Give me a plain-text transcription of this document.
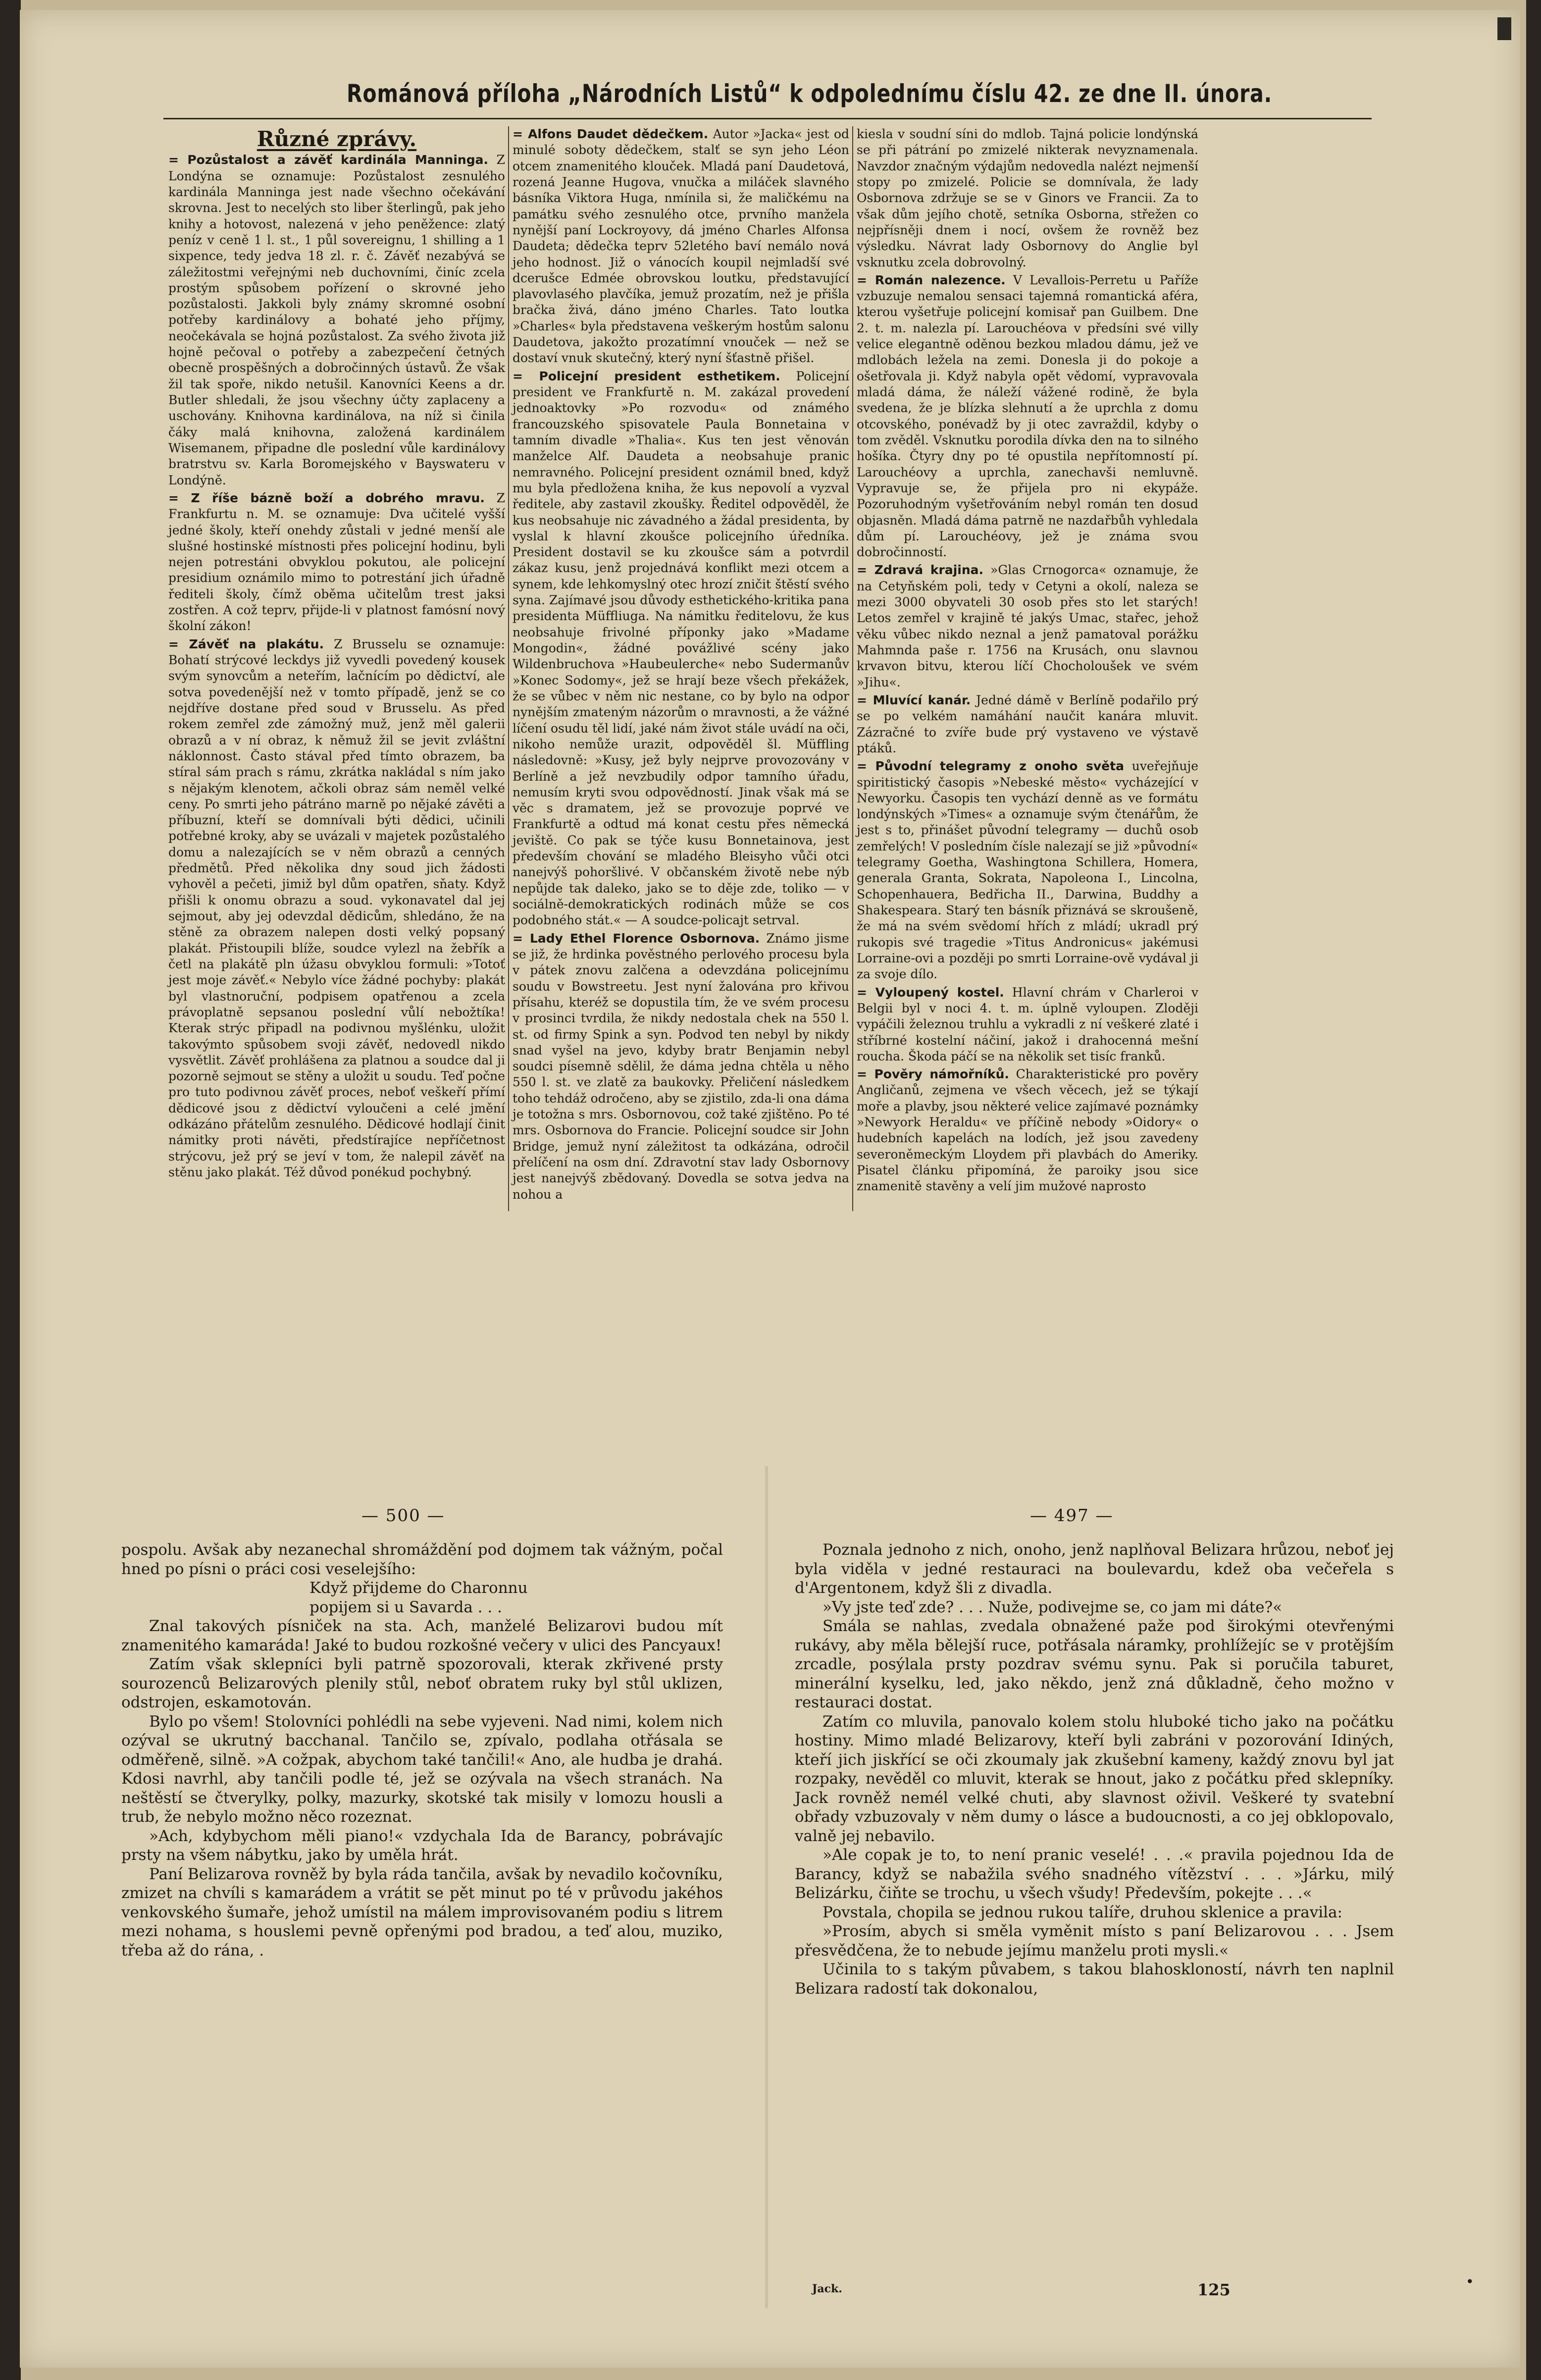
Románová příloha „Národních Listů“ k odpolednímu číslu 42. ze dne II. února.
Různé zprávy.

= Pozůstalost a závěť kardinála Manninga. Z Londýna se oznamuje: Pozůstalost zesnulého kardinála Manninga jest nade všechno očekávání skrovna. Jest to necelých sto liber šterlingů, pak jeho knihy a hotovost, nalezená v jeho peněžence: zlatý peníz v ceně 1 l. st., 1 půl sovereignu, 1 shilling a 1 sixpence, tedy jedva 18 zl. r. č. Závěť nezabývá se záležitostmi veřejnými neb duchovními, činíc zcela prostým spůsobem pořízení o skrovné jeho pozůstalosti. Jakkoli byly známy skromné osobní potřeby kardinálovy a bohaté jeho příjmy, neočekávala se hojná pozůstalost. Za svého života již hojně pečoval o potřeby a zabezpečení četných obecně prospěšných a dobročinných ústavů. Že však žil tak spoře, nikdo netušil. Kanovníci Keens a dr. Butler shledali, že jsou všechny účty zaplaceny a uschovány. Knihovna kardinálova, na níž si činila čáky malá knihovna, založená kardinálem Wisemanem, připadne dle poslední vůle kardinálovy bratrstvu sv. Karla Boromejského v Bayswateru v Londýně.

= Z říše bázně boží a dobrého mravu. Z Frankfurtu n. M. se oznamuje: Dva učitelé vyšší jedné školy, kteří onehdy zůstali v jedné menší ale slušné hostinské místnosti přes policejní hodinu, byli nejen potrestáni obvyklou pokutou, ale policejní presidium oznámilo mimo to potrestání jich úřadně řediteli školy, čímž oběma učitelům trest jaksi zostřen. A což teprv, přijde-li v platnost famósní nový školní zákon!

= Závěť na plakátu. Z Brusselu se oznamuje: Bohatí strýcové leckdys již vyvedli povedený kousek svým synovcům a neteřím, lačnícím po dědictví, ale sotva povedenější než v tomto případě, jenž se co nejdříve dostane před soud v Brusselu. As před rokem zemřel zde zámožný muž, jenž měl galerii obrazů a v ní obraz, k němuž žil se jevit zvláštní náklonnost. Často stával před tímto obrazem, ba stíral sám prach s rámu, zkrátka nakládal s ním jako s nějakým klenotem, ačkoli obraz sám neměl velké ceny. Po smrti jeho pátráno marně po nějaké závěti a příbuzní, kteří se domnívali býti dědici, učinili potřebné kroky, aby se uvázali v majetek pozůstalého domu a nalezajících se v něm obrazů a cenných předmětů. Před několika dny soud jich žádosti vyhověl a pečeti, jimiž byl dům opatřen, sňaty. Když přišli k onomu obrazu a soud. vykonavatel dal jej sejmout, aby jej odevzdal dědicům, shledáno, že na stěně za obrazem nalepen dosti velký popsaný plakát. Přistoupili blíže, soudce vylezl na žebřík a četl na plakátě pln úžasu obvyklou formuli: »Totoť jest moje závěť.« Nebylo více žádné pochyby: plakát byl vlastnoruční, podpisem opatřenou a zcela právoplatně sepsanou poslední vůlí nebožtíka! Kterak strýc připadl na podivnou myšlénku, uložit takovýmto spůsobem svoji závěť, nedovedl nikdo vysvětlit. Závěť prohlášena za platnou a soudce dal ji pozorně sejmout se stěny a uložit u soudu. Teď počne pro tuto podivnou závěť proces, neboť veškeří přímí dědicové jsou z dědictví vyloučeni a celé jmění odkázáno přátelům zesnulého. Dědicové hodlají činit námitky proti návěti, předstírajíce nepříčetnost strýcovu, jež prý se jeví v tom, že nalepil závěť na stěnu jako plakát. Též důvod ponékud pochybný.

= Alfons Daudet dědečkem. Autor »Jacka« jest od minulé soboty dědečkem, stalť se syn jeho Léon otcem znamenitého klouček. Mladá paní Daudetová, rozená Jeanne Hugova, vnučka a miláček slavného básníka Viktora Huga, nmínila si, že maličkému na památku svého zesnulého otce, prvního manžela nynější paní Lockroyovy, dá jméno Charles Alfonsa Daudeta; dědečka teprv 52letého baví nemálo nová jeho hodnost. Již o vánocích koupil nejmladší své dcerušce Edmée obrovskou loutku, představující plavovlasého plavčíka, jemuž prozatím, než je přišla bračka živá, dáno jméno Charles. Tato loutka »Charles« byla představena veškerým hostům salonu Daudetova, jakožto prozatímní vnouček — než se dostaví vnuk skutečný, který nyní šťastně přišel.

= Policejní president esthetikem. Policejní president ve Frankfurtě n. M. zakázal provedení jednoaktovky »Po rozvodu« od známého francouzského spisovatele Paula Bonnetaina v tamním divadle »Thalia«. Kus ten jest věnován manželce Alf. Daudeta a neobsahuje pranic nemravného. Policejní president oznámil bned, když mu byla předložena kniha, že kus nepovolí a vyzval ředitele, aby zastavil zkoušky. Ředitel odpověděl, že kus neobsahuje nic závadného a žádal presidenta, by vyslal k hlavní zkoušce policejního úředníka. President dostavil se ku zkoušce sám a potvrdil zákaz kusu, jenž projednává konflikt mezi otcem a synem, kde lehkomyslný otec hrozí zničit štěstí svého syna. Zajímavé jsou důvody esthetického-kritika pana presidenta Müffliuga. Na námitku ředitelovu, že kus neobsahuje frivolné příponky jako »Madame Mongodin«, žádné povážlivé scény jako Wildenbruchova »Haubeulerche« nebo Sudermanův »Konec Sodomy«, jež se hrají beze všech překážek, že se vůbec v něm nic nestane, co by bylo na odpor nynějším zmateným názorům o mravnosti, a že vážné líčení osudu těl lidí, jaké nám život stále uvádí na oči, nikoho nemůže urazit, odpověděl šl. Müffling následovně: »Kusy, jež byly nejprve provozovány v Berlíně a jež nevzbudily odpor tamního úřadu, nemusím kryti svou odpovědností. Jinak však má se věc s dramatem, jež se provozuje poprvé ve Frankfurtě a odtud má konat cestu přes německá jeviště. Co pak se týče kusu Bonnetainova, jest především chování se mladého Bleisyho vůči otci nanejvýš pohoršlivé. V občanském životě nebe nýb nepůjde tak daleko, jako se to děje zde, toliko — v sociálně-demokratických rodinách může se cos podobného stát.« — A soudce-policajt setrval.

= Lady Ethel Florence Osbornova. Známo jisme se již, že hrdinka pověstného perlového procesu byla v pátek znovu zalčena a odevzdána policejnímu soudu v Bowstreetu. Jest nyní žalována pro křivou přísahu, kteréž se dopustila tím, že ve svém procesu v prosinci tvrdila, že nikdy nedostala chek na 550 l. st. od firmy Spink a syn. Podvod ten nebyl by nikdy snad vyšel na jevo, kdyby bratr Benjamin nebyl soudci písemně sdělil, že dáma jedna chtěla u něho 550 l. st. ve zlatě za baukovky. Přeličení následkem toho tehdáž odročeno, aby se zjistilo, zda-li ona dáma je totožna s mrs. Osbornovou, což také zjištěno. Po té mrs. Osbornova do Francie. Policejní soudce sir John Bridge, jemuž nyní záležitost ta odkázána, odročil přelíčení na osm dní. Zdravotní stav lady Osbornovy jest nanejvýš zbědovaný. Dovedla se sotva jedva na nohou a

kiesla v soudní síni do mdlob. Tajná policie londýnská se při pátrání po zmizelé nikterak nevyznamenala. Navzdor značným výdajům nedovedla nalézt nejmenší stopy po zmizelé. Policie se domnívala, že lady Osbornova zdržuje se se v Ginors ve Francii. Za to však dům jejího chotě, setníka Osborna, střežen co nejpřísněji dnem i nocí, ovšem že rovněž bez výsledku. Návrat lady Osbornovy do Anglie byl vsknutku zcela dobrovolný.

= Román nalezence. V Levallois-Perretu u Paříže vzbuzuje nemalou sensaci tajemná romantická aféra, kterou vyšetřuje policejní komisař pan Guilbem. Dne 2. t. m. nalezla pí. Larouchéova v předsíni své villy velice elegantně oděnou bezkou mladou dámu, jež ve mdlobách ležela na zemi. Donesla ji do pokoje a ošetřovala ji. Když nabyla opět vědomí, vypravovala mladá dáma, že náleží vážené rodině, že byla svedena, že je blízka slehnutí a že uprchla z domu otcovského, ponévadž by ji otec zavraždil, kdyby o tom zvěděl. Vsknutku porodila dívka den na to silného hošíka. Čtyry dny po té opustila nepřítomností pí. Larouchéovy a uprchla, zanechavši nemluvně. Vypravuje se, že přijela pro ni ekypáže. Pozoruhodným vyšetřováním nebyl román ten dosud objasněn. Mladá dáma patrně ne nazdařbůh vyhledala dům pí. Larouchéovy, jež je známa svou dobročinností.

= Zdravá krajina. »Glas Crnogorca« oznamuje, že na Cetyňském poli, tedy v Cetyni a okolí, naleza se mezi 3000 obyvateli 30 osob přes sto let starých! Letos zemřel v krajině té jakýs Umac, stařec, jehož věku vůbec nikdo neznal a jenž pamatoval porážku Mahmnda paše r. 1756 na Krusách, onu slavnou krvavon bitvu, kterou líčí Chocholoušek ve svém »Jihu«.

= Mluvící kanár. Jedné dámě v Berlíně podařilo prý se po velkém namáhání naučit kanára mluvit. Zázračné to zvíře bude prý vystaveno ve výstavě ptáků.

= Původní telegramy z onoho světa uveřejňuje spiritistický časopis »Nebeské město« vycházející v Newyorku. Časopis ten vychází denně as ve formátu londýnských »Times« a oznamuje svým čtenářům, že jest s to, přinášet původní telegramy — duchů osob zemřelých! V posledním čísle nalezají se již »původní« telegramy Goetha, Washingtona Schillera, Homera, generala Granta, Sokrata, Napoleona I., Lincolna, Schopenhauera, Bedřicha II., Darwina, Buddhy a Shakespeara. Starý ten básník přiznává se skroušeně, že má na svém svědomí hřích z mládí; ukradl prý rukopis své tragedie »Titus Andronicus« jakémusi Lorraine-ovi a později po smrti Lorraine-ově vydával ji za svoje dílo.

= Vyloupený kostel. Hlavní chrám v Charleroi v Belgii byl v noci 4. t. m. úplně vyloupen. Zloději vypáčili železnou truhlu a vykradli z ní veškeré zlaté i stříbrné kostelní náčiní, jakož i drahocenná mešní roucha. Škoda páčí se na několik set tisíc franků.

= Pověry námořníků. Charakteristické pro pověry Angličanů, zejmena ve všech věcech, jež se týkají moře a plavby, jsou některé velice zajímavé poznámky »Newyork Heraldu« ve příčině nebody »Oidory« o hudebních kapelách na lodích, jež jsou zavedeny severoněmeckým Lloydem při plavbách do Ameriky. Pisatel článku připomíná, že paroiky jsou sice znamenitě stavěny a velí jim mužové naprosto

— 500 —	— 497 —

pospolu. Avšak aby nezanechal shromáždění pod dojmem tak vážným, počal hned po písni o práci cosi veselejšího:

Když přijdeme do Charonnu

popijem si u Savarda . . .

Znal takových písniček na sta. Ach, manželé Belizarovi budou mít znamenitého kamaráda! Jaké to budou rozkošné večery v ulici des Pancyaux!

Zatím však sklepníci byli patrně spozorovali, kterak zkřivené prsty sourozenců Belizarových plenily stůl, neboť obratem ruky byl stůl uklizen, odstrojen, eskamotován.

Bylo po všem! Stolovníci pohlédli na sebe vyjeveni. Nad nimi, kolem nich ozýval se ukrutný bacchanal. Tančilo se, zpívalo, podlaha otřásala se odměřeně, silně. »A cožpak, abychom také tančili!« Ano, ale hudba je drahá. Kdosi navrhl, aby tančili podle té, jež se ozývala na všech stranách. Na neštěstí se čtverylky, polky, mazurky, skotské tak misily v lomozu housli a trub, že nebylo možno něco rozeznat.

»Ach, kdybychom měli piano!« vzdychala Ida de Barancy, pobrávajíc prsty na všem nábytku, jako by uměla hrát.

Paní Belizarova rovněž by byla ráda tančila, avšak by nevadilo kočovníku, zmizet na chvíli s kamarádem a vrátit se pět minut po té v průvodu jakéhos venkovského šumaře, jehož umístil na málem improvisovaném podiu s litrem mezi nohama, s houslemi pevně opřenými pod bradou, a teď alou, muziko, třeba až do rána, .

Poznala jednoho z nich, onoho, jenž naplňoval Belizara hrůzou, neboť jej byla viděla v jedné restauraci na boulevardu, kdež oba večeřela s d'Argentonem, když šli z divadla.

»Vy jste teď zde? . . . Nuže, podivejme se, co jam mi dáte?«

Smála se nahlas, zvedala obnažené paže pod širokými otevřenými rukávy, aby měla bělejší ruce, potřásala náramky, prohlížejíc se v protějším zrcadle, posýlala prsty pozdrav svému synu. Pak si poručila taburet, minerální kyselku, led, jako někdo, jenž zná důkladně, čeho možno v restauraci dostat.

Zatím co mluvila, panovalo kolem stolu hluboké ticho jako na počátku hostiny. Mimo mladé Belizarovy, kteří byli zabráni v pozorování Idiných, kteří jich jiskřící se oči zkoumaly jak zkušební kameny, každý znovu byl jat rozpaky, nevěděl co mluvit, kterak se hnout, jako z počátku před sklepníky. Jack rovněž nemél velké chuti, aby slavnost oživil. Veškeré ty svatební obřady vzbuzovaly v něm dumy o lásce a budoucnosti, a co jej obklopovalo, valně jej nebavilo.

»Ale copak je to, to není pranic veselé! . . .« pravila pojednou Ida de Barancy, když se nabažila svého snadného vítězství . . . »Járku, milý Belizárku, čiňte se trochu, u všech všudy! Především, pokejte . . .«

Povstala, chopila se jednou rukou talíře, druhou sklenice a pravila:

»Prosím, abych si směla vyměnit místo s paní Belizarovou . . . Jsem přesvědčena, že to nebude jejímu manželu proti mysli.«

Učinila to s takým půvabem, s takou blahoskloností, návrh ten naplnil Belizara radostí tak dokonalou,

Jack.	125	•
